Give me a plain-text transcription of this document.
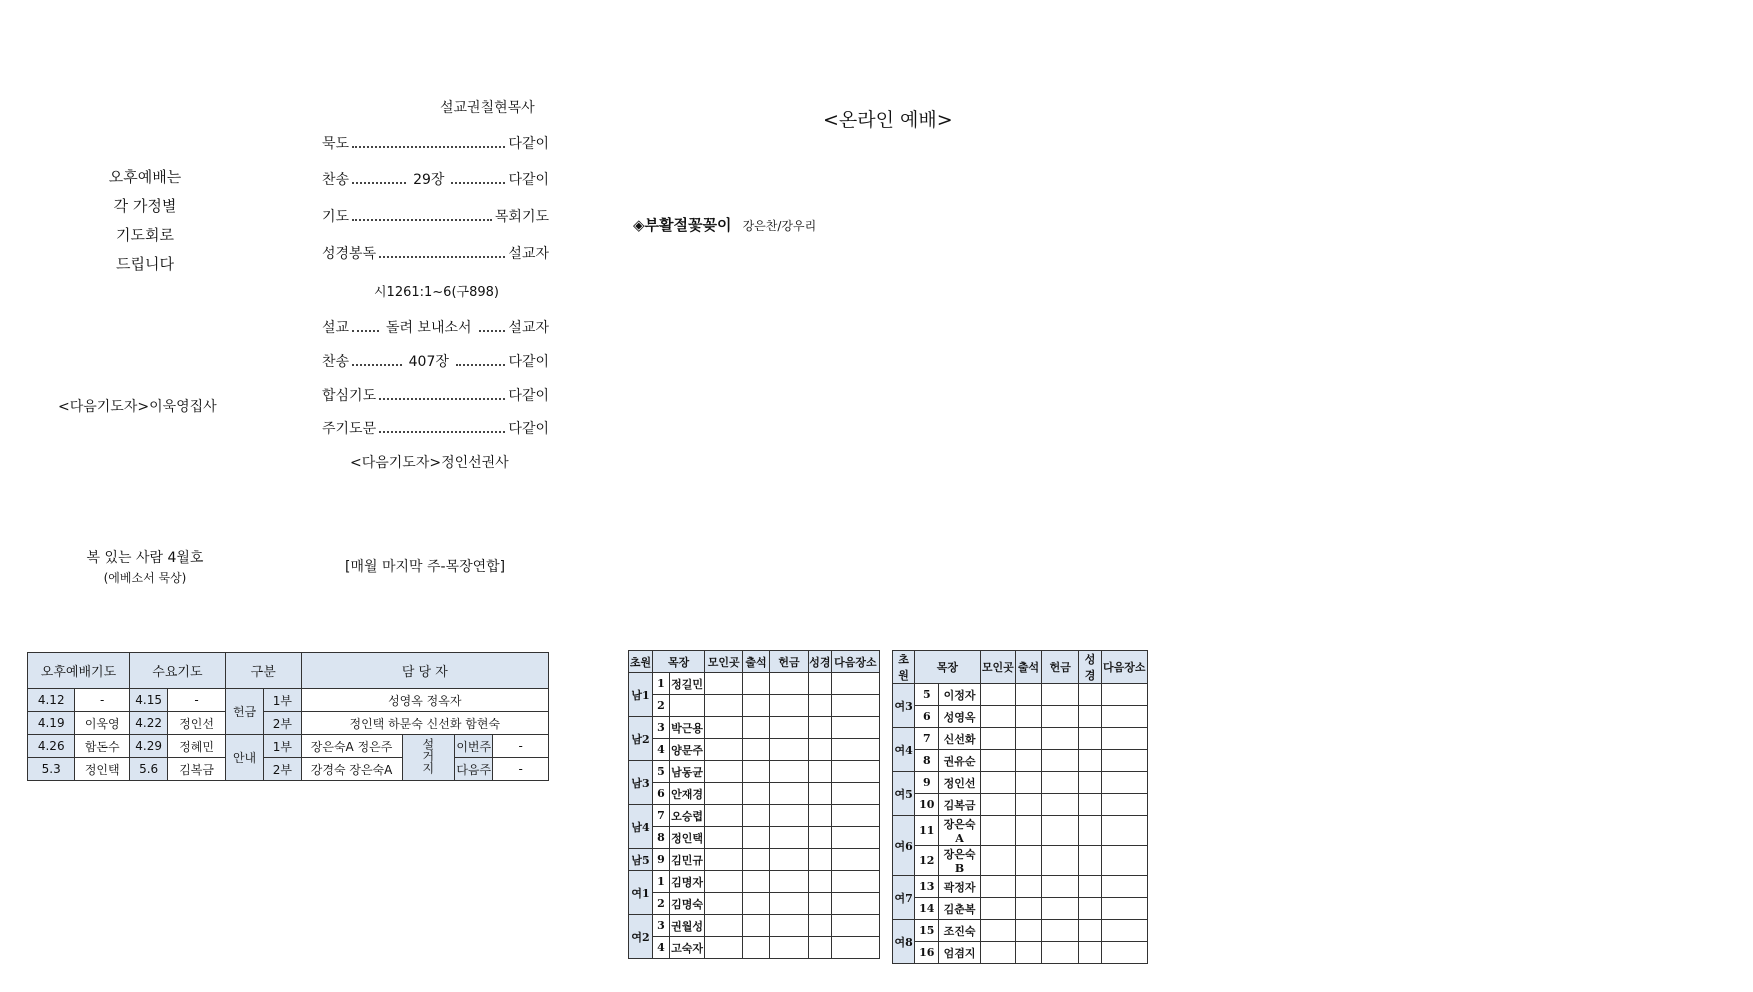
설교권칠현목사
<온라인 예배>
오후예배는
각 가정별
기도회로
드립니다
<다음기도자>이욱영집사
묵도	다같이
찬송	29장	다같이
기도	목회기도
성경봉독	설교자
시1261:1~6(구898)
설교	돌려 보내소서	설교자
찬송	407장	다같이
합심기도	다같이
주기도문	다같이
<다음기도자>정인선권사
◈부활절꽃꽂이 강은찬/강우리
복 있는 사람 4월호
(에베소서 묵상)
[매월 마지막 주-목장연합]
오후예배기도		수요기도		구분		담 당 자			
4.12	-	4.15	-	헌금	1부	성영옥 정옥자			
4.19	이욱영	4.22	정인선		2부	정인택 하문숙 신선화 함현숙			
4.26	함돈수	4.29	정혜민	안내	1부	장은숙A 정은주	설거지	이번주	-
5.3	정인택	5.6	김복금		2부	강경숙 장은숙A		다음주	-
초원	목장		모인곳	출석	헌금	성경	다음장소
남1	1	정길민					
	2						
남2	3	박근용					
	4	양문주					
남3	5	남동균					
	6	안재경					
남4	7	오승렵					
	8	정인택					
남5	9	김민규					
여1	1	김명자					
	2	김명숙					
여2	3	권월성					
	4	고숙자					
초원	목장		모인곳	출석	헌금	성경	다음장소
여3	5	이정자					
	6	성영옥					
여4	7	신선화					
	8	권유순					
여5	9	정인선					
	10	김복금					
여6	11	장은숙A					
	12	장은숙B					
여7	13	곽정자					
	14	김춘복					
여8	15	조진숙					
	16	엄겸지					
